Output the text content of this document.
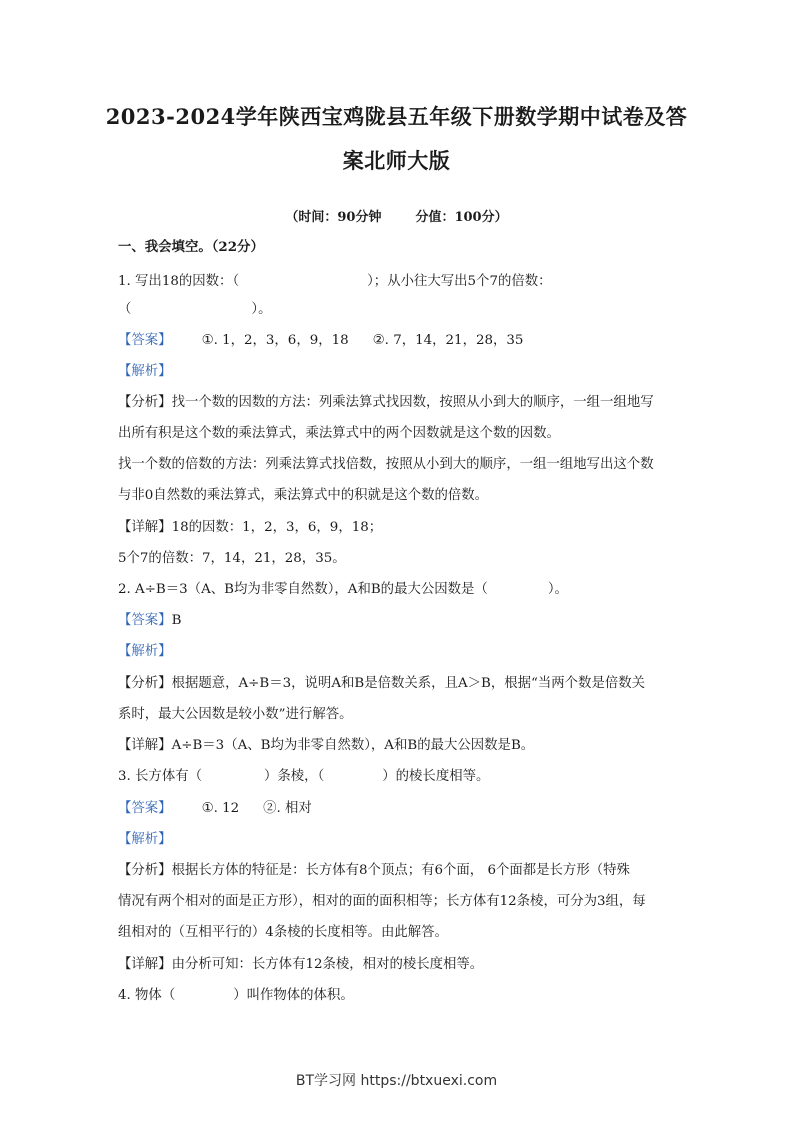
2023-2024学年陕西宝鸡陇县五年级下册数学期中试卷及答
案北师大版
（时间：90分钟	分值：100分）
一、我会填空。（22分）
1. 写出18的因数：（	）；从小往大写出5个7的倍数：
（	）。
【答案】 ①. 1，2，3，6，9，18 ②. 7，14，21，28，35
【解析】
【分析】找一个数的因数的方法：列乘法算式找因数，按照从小到大的顺序，一组一组地写
出所有积是这个数的乘法算式，乘法算式中的两个因数就是这个数的因数。
找一个数的倍数的方法：列乘法算式找倍数，按照从小到大的顺序，一组一组地写出这个数
与非0自然数的乘法算式，乘法算式中的积就是这个数的倍数。
【详解】18的因数：1，2，3，6，9，18；
5个7的倍数：7，14，21，28，35。
2. A÷B＝3（A、B均为非零自然数），A和B的最大公因数是（	）。
【答案】B
【解析】
【分析】根据题意，A÷B＝3，说明A和B是倍数关系，且A＞B，根据“当两个数是倍数关
系时，最大公因数是较小数”进行解答。
【详解】A÷B＝3（A、B均为非零自然数），A和B的最大公因数是B。
3. 长方体有（	）条棱，（	）的棱长度相等。
【答案】 ①. 12 ②. 相对
【解析】
【分析】根据长方体的特征是：长方体有8个顶点；有6个面， 6个面都是长方形（特殊
情况有两个相对的面是正方形），相对的面的面积相等；长方体有12条棱，可分为3组，每
组相对的（互相平行的）4条棱的长度相等。由此解答。
【详解】由分析可知：长方体有12条棱，相对的棱长度相等。
4. 物体（	）叫作物体的体积。
BT学习网 https://btxuexi.com
